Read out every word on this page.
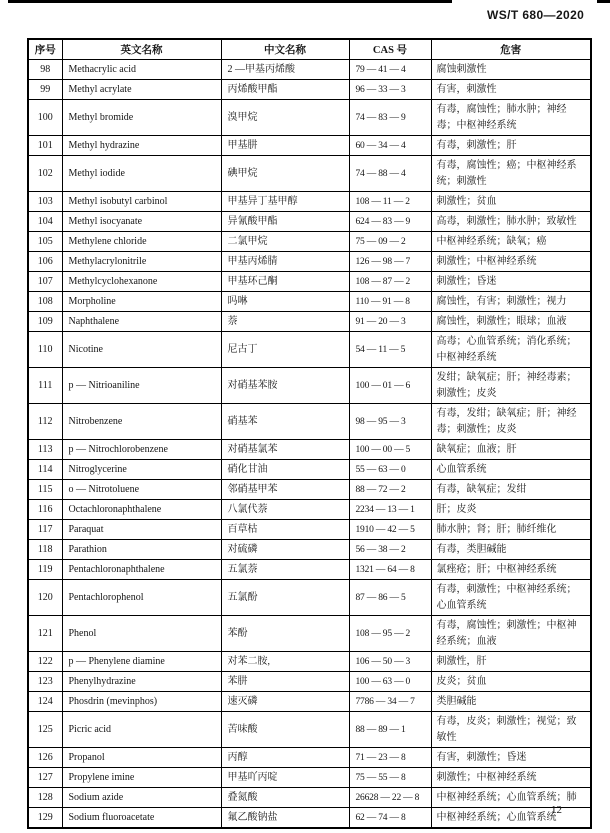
WS/T 680—2020
序号	英文名称	中文名称	CAS 号	危害
98	Methacrylic acid	2 —甲基丙烯酸	79 — 41 — 4	腐蚀刺激性
99	Methyl acrylate	丙烯酸甲酯	96 — 33 — 3	有害，刺激性
100	Methyl bromide	溴甲烷	74 — 83 — 9	有毒，腐蚀性；肺水肿；神经毒；中枢神经系统
101	Methyl hydrazine	甲基肼	60 — 34 — 4	有毒，刺激性；肝
102	Methyl iodide	碘甲烷	74 — 88 — 4	有毒，腐蚀性；癌；中枢神经系统；刺激性
103	Methyl isobutyl carbinol	甲基异丁基甲醇	108 — 11 — 2	刺激性；贫血
104	Methyl isocyanate	异氰酸甲酯	624 — 83 — 9	高毒，刺激性；肺水肿；致敏性
105	Methylene chloride	二氯甲烷	75 — 09 — 2	中枢神经系统；缺氧；癌
106	Methylacrylonitrile	甲基丙烯腈	126 — 98 — 7	刺激性；中枢神经系统
107	Methylcyclohexanone	甲基环己酮	108 — 87 — 2	刺激性；昏迷
108	Morpholine	吗啉	110 — 91 — 8	腐蚀性，有害；刺激性；视力
109	Naphthalene	萘	91 — 20 — 3	腐蚀性，刺激性；眼球；血液
110	Nicotine	尼古丁	54 — 11 — 5	高毒；心血管系统；消化系统；中枢神经系统
111	p — Nitrioaniline	对硝基苯胺	100 — 01 — 6	发绀；缺氧症；肝；神经毒素；刺激性；皮炎
112	Nitrobenzene	硝基苯	98 — 95 — 3	有毒，发绀；缺氧症；肝；神经毒；刺激性；皮炎
113	p — Nitrochlorobenzene	对硝基氯苯	100 — 00 — 5	缺氧症；血液；肝
114	Nitroglycerine	硝化甘油	55 — 63 — 0	心血管系统
115	o — Nitrotoluene	邻硝基甲苯	88 — 72 — 2	有毒，缺氧症；发绀
116	Octachloronaphthalene	八氯代萘	2234 — 13 — 1	肝；皮炎
117	Paraquat	百草枯	1910 — 42 — 5	肺水肿；肾；肝；肺纤维化
118	Parathion	对硫磷	56 — 38 — 2	有毒，类胆碱能
119	Pentachloronaphthalene	五氯萘	1321 — 64 — 8	氯痤疮；肝；中枢神经系统
120	Pentachlorophenol	五氯酚	87 — 86 — 5	有毒，刺激性；中枢神经系统；心血管系统
121	Phenol	苯酚	108 — 95 — 2	有毒，腐蚀性；刺激性；中枢神经系统；血液
122	p — Phenylene diamine	对苯二胺,	106 — 50 — 3	刺激性，肝
123	Phenylhydrazine	苯肼	100 — 63 — 0	皮炎；贫血
124	Phosdrin (mevinphos)	速灭磷	7786 — 34 — 7	类胆碱能
125	Picric acid	苦味酸	88 — 89 — 1	有毒，皮炎；刺激性；视觉；致敏性
126	Propanol	丙醇	71 — 23 — 8	有害，刺激性；昏迷
127	Propylene imine	甲基吖丙啶	75 — 55 — 8	刺激性；中枢神经系统
128	Sodium azide	叠氮酸	26628 — 22 — 8	中枢神经系统；心血管系统；肺
129	Sodium fluoroacetate	氟乙酸钠盐	62 — 74 — 8	中枢神经系统；心血管系统
12
